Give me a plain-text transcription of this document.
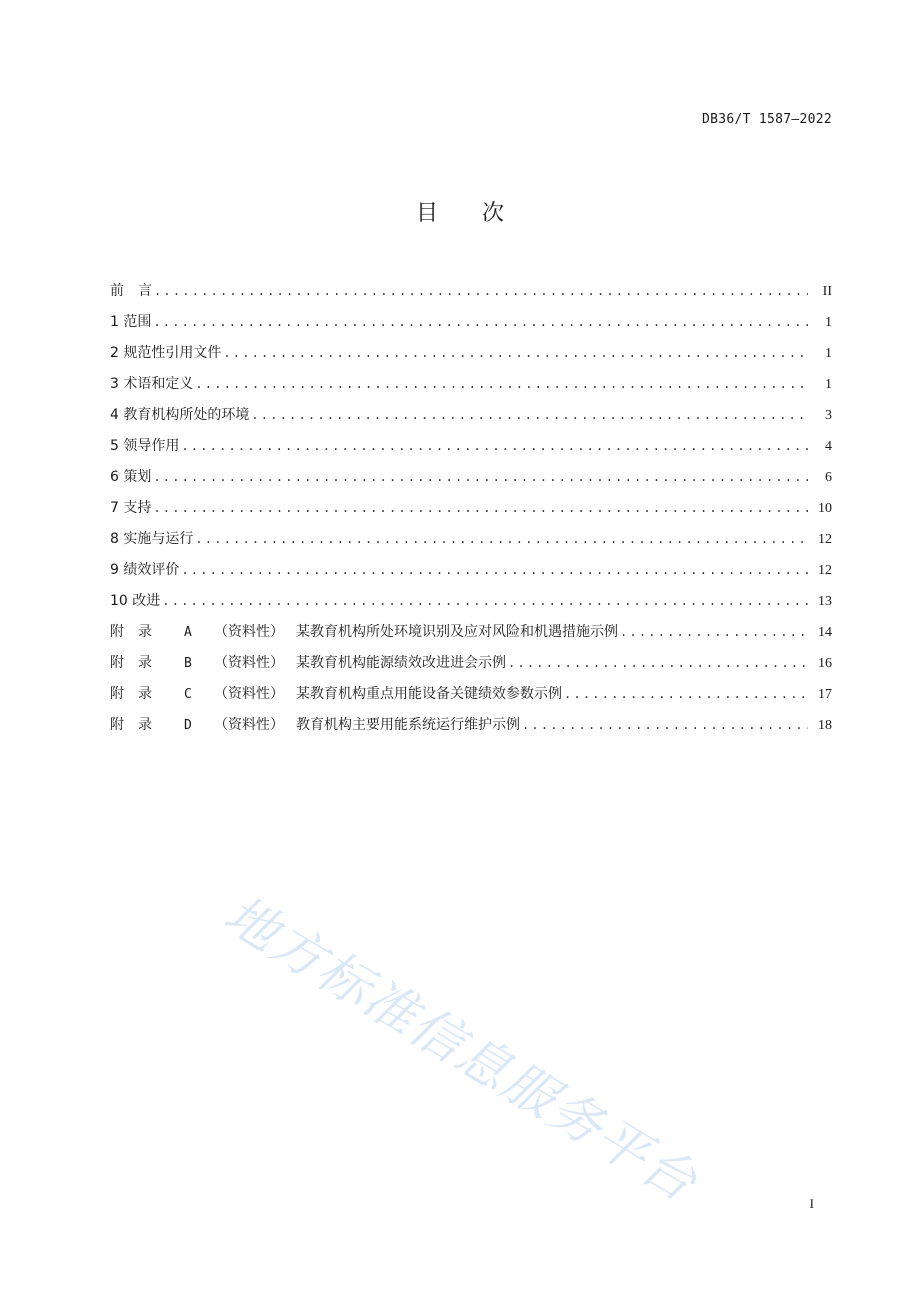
DB36/T 1587—2022
目　　次
前　言 .....	II
1 范围 .....	1
2 规范性引用文件 .....	1
3 术语和定义 .....	1
4 教育机构所处的环境 .....	3
5 领导作用 .....	4
6 策划 .....	6
7 支持 .....	10
8 实施与运行 .....	12
9 绩效评价 .....	12
10 改进 .....	13
附　录	A	（资料性） 某教育机构所处环境识别及应对风险和机遇措施示例 .....	14
附　录	B	（资料性） 某教育机构能源绩效改进进会示例 .....	16
附　录	C	（资料性） 某教育机构重点用能设备关键绩效参数示例 .....	17
附　录	D	（资料性） 教育机构主要用能系统运行维护示例 .....	18
地方标准信息服务平台	I
